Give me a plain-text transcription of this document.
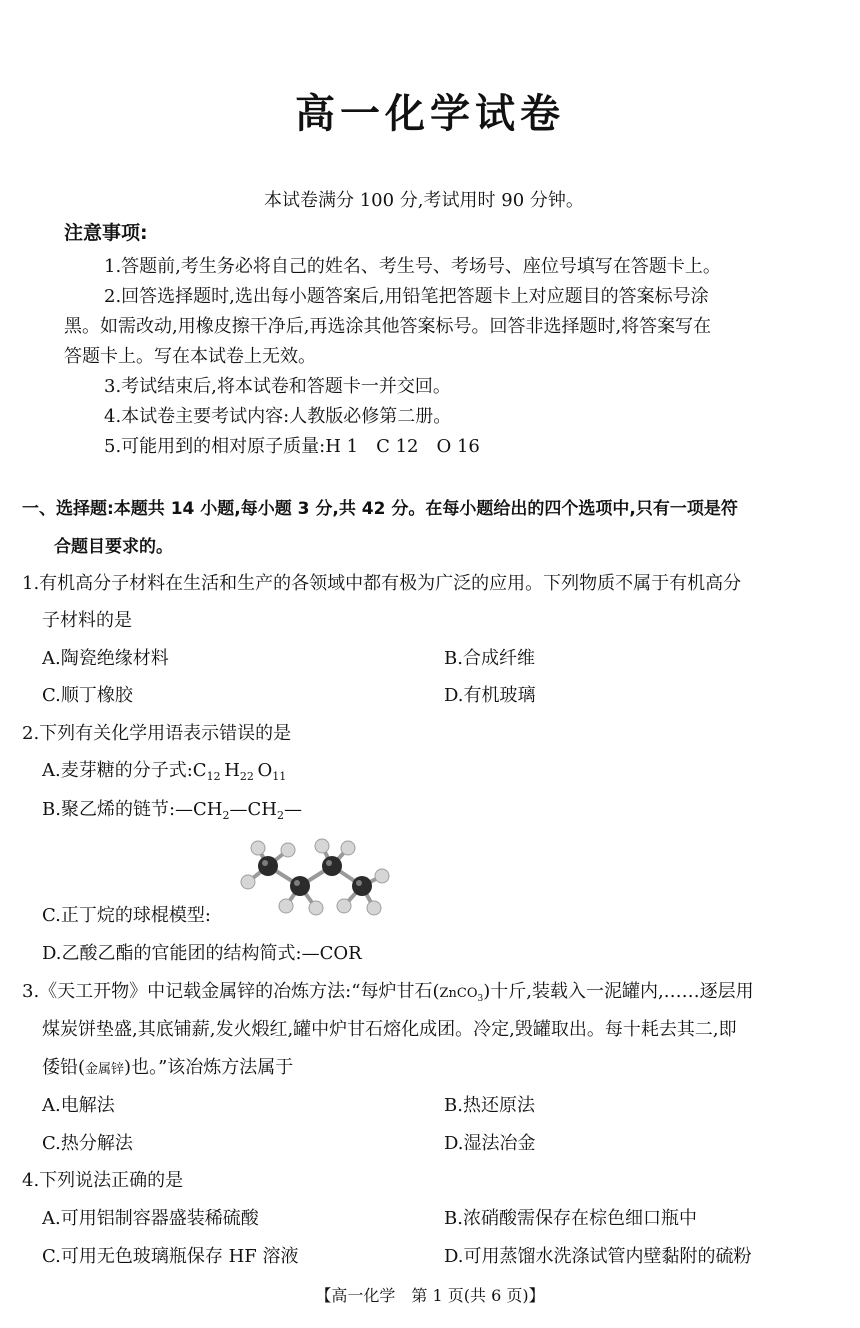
高一化学试卷
本试卷满分 100 分,考试用时 90 分钟。
注意事项:
1.答题前,考生务必将自己的姓名、考生号、考场号、座位号填写在答题卡上。
2.回答选择题时,选出每小题答案后,用铅笔把答题卡上对应题目的答案标号涂
黑。如需改动,用橡皮擦干净后,再选涂其他答案标号。回答非选择题时,将答案写在
答题卡上。写在本试卷上无效。
3.考试结束后,将本试卷和答题卡一并交回。
4.本试卷主要考试内容:人教版必修第二册。
5.可能用到的相对原子质量:H 1　C 12　O 16
一、选择题:本题共 14 小题,每小题 3 分,共 42 分。在每小题给出的四个选项中,只有一项是符
合题目要求的。
1.有机高分子材料在生活和生产的各领域中都有极为广泛的应用。下列物质不属于有机高分
子材料的是
A.陶瓷绝缘材料	B.合成纤维
C.顺丁橡胶	D.有机玻璃
2.下列有关化学用语表示错误的是
A.麦芽糖的分子式$:C_{12}$  $H_{22}$  $O_{11}$
B.聚乙烯的链节$:—CH_2—CH_2—$
C.正丁烷的球棍模型:
D.乙酸乙酯的官能团的结构简式:—COR
3.《天工开物》中记载金属锌的冶炼方法:“每炉甘石(ZnCO$_3$)十斤,装载入一泥罐内,……逐层用
煤炭饼垫盛,其底铺薪,发火煅红,罐中炉甘石熔化成团。冷定,毁罐取出。每十耗去其二,即
倭铅(金属锌)也。”该冶炼方法属于
A.电解法	B.热还原法
C.热分解法	D.湿法冶金
4.下列说法正确的是
A.可用铝制容器盛装稀硫酸	B.浓硝酸需保存在棕色细口瓶中
C.可用无色玻璃瓶保存 HF 溶液	D.可用蒸馏水洗涤试管内壁黏附的硫粉
【高一化学　第 1 页(共 6 页)】
